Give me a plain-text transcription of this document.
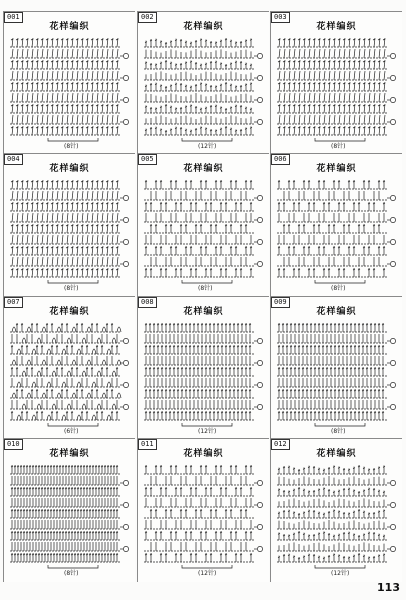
001
花样编织
(8针)
002
花样编织
(12针)
003
花样编织
(8针)
004
花样编织
(8针)
005
花样编织
(8针)
006
花样编织
(8针)
007
花样编织
(6针)
008
花样编织
(12针)
009
花样编织
(8针)
010
花样编织
(8针)
011
花样编织
(12针)
012
花样编织
(12针)
113
